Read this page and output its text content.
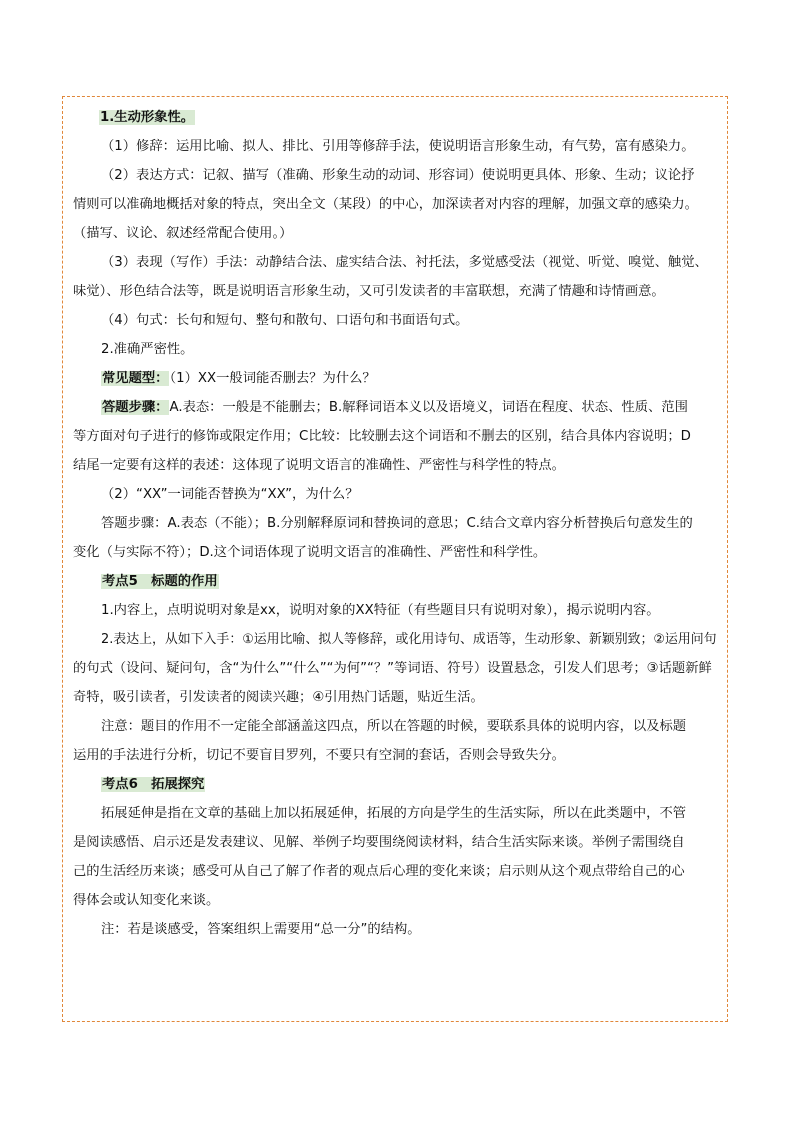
1.生动形象性。
（1）修辞：运用比喻、拟人、排比、引用等修辞手法，使说明语言形象生动，有气势，富有感染力。
（2）表达方式：记叙、描写（准确、形象生动的动词、形容词）使说明更具体、形象、生动；议论抒
情则可以准确地概括对象的特点，突出全文（某段）的中心，加深读者对内容的理解，加强文章的感染力。
（描写、议论、叙述经常配合使用。）
（3）表现（写作）手法：动静结合法、虚实结合法、衬托法，多觉感受法（视觉、听觉、嗅觉、触觉、
味觉）、形色结合法等，既是说明语言形象生动，又可引发读者的丰富联想，充满了情趣和诗情画意。
（4）句式：长句和短句、整句和散句、口语句和书面语句式。
2.准确严密性。
常见题型：（1）XX一般词能否删去？为什么？
答题步骤：A.表态：一般是不能删去；B.解释词语本义以及语境义，词语在程度、状态、性质、范围
等方面对句子进行的修饰或限定作用；C比较：比较删去这个词语和不删去的区别，结合具体内容说明；D
结尾一定要有这样的表述：这体现了说明文语言的准确性、严密性与科学性的特点。
（2）“XX”一词能否替换为“XX”，为什么？
答题步骤：A.表态（不能）；B.分别解释原词和替换词的意思；C.结合文章内容分析替换后句意发生的
变化（与实际不符）；D.这个词语体现了说明文语言的准确性、严密性和科学性。
考点5　标题的作用
1.内容上，点明说明对象是xx，说明对象的XX特征（有些题目只有说明对象），揭示说明内容。
2.表达上，从如下入手：①运用比喻、拟人等修辞，或化用诗句、成语等，生动形象、新颖别致；②运用问句
的句式（设问、疑问句，含“为什么”“什么”“为何”“？”等词语、符号）设置悬念，引发人们思考；③话题新鲜
奇特，吸引读者，引发读者的阅读兴趣；④引用热门话题，贴近生活。
注意：题目的作用不一定能全部涵盖这四点，所以在答题的时候，要联系具体的说明内容，以及标题
运用的手法进行分析，切记不要盲目罗列，不要只有空洞的套话，否则会导致失分。
考点6　拓展探究
拓展延伸是指在文章的基础上加以拓展延伸，拓展的方向是学生的生活实际，所以在此类题中，不管
是阅读感悟、启示还是发表建议、见解、举例子均要围绕阅读材料，结合生活实际来谈。举例子需围绕自
己的生活经历来谈；感受可从自己了解了作者的观点后心理的变化来谈；启示则从这个观点带给自己的心
得体会或认知变化来谈。
注：若是谈感受，答案组织上需要用“总一分”的结构。
